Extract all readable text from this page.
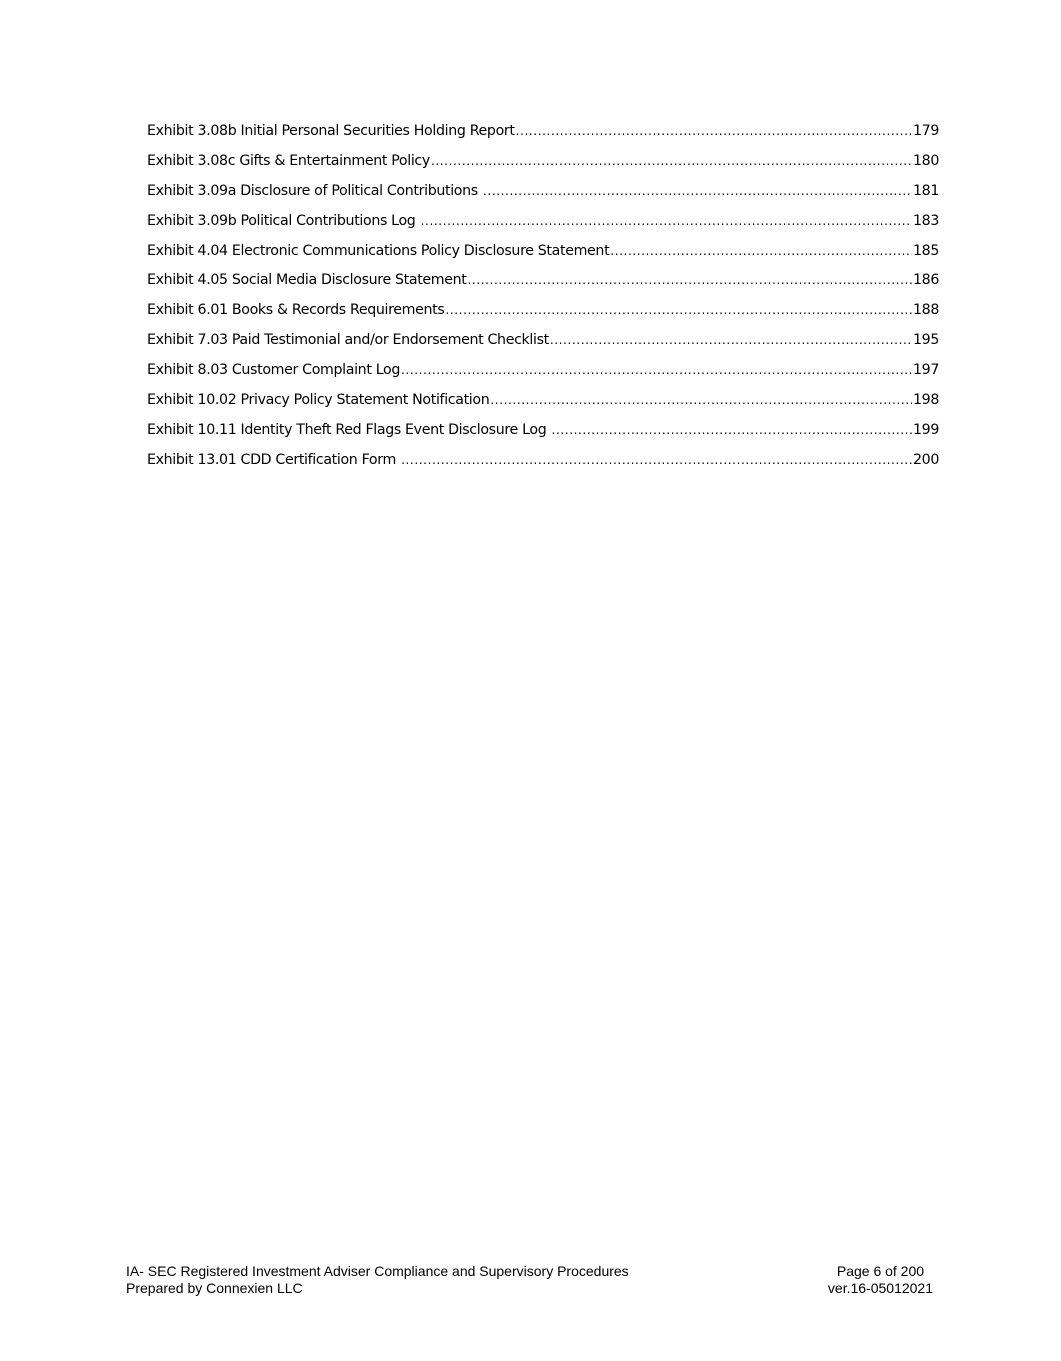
Exhibit 3.08b Initial Personal Securities Holding Report .....	179
Exhibit 3.08c Gifts & Entertainment Policy .....	180
Exhibit 3.09a Disclosure of Political Contributions .....	181
Exhibit 3.09b Political Contributions Log .....	183
Exhibit 4.04 Electronic Communications Policy Disclosure Statement .....	185
Exhibit 4.05 Social Media Disclosure Statement .....	186
Exhibit 6.01 Books & Records Requirements .....	188
Exhibit 7.03 Paid Testimonial and/or Endorsement Checklist .....	195
Exhibit 8.03 Customer Complaint Log .....	197
Exhibit 10.02 Privacy Policy Statement Notification .....	198
Exhibit 10.11 Identity Theft Red Flags Event Disclosure Log .....	199
Exhibit 13.01 CDD Certification Form .....	200
IA- SEC Registered Investment Adviser Compliance and Supervisory Procedures
Prepared by Connexien LLC
Page 6 of 200
ver.16-05012021
